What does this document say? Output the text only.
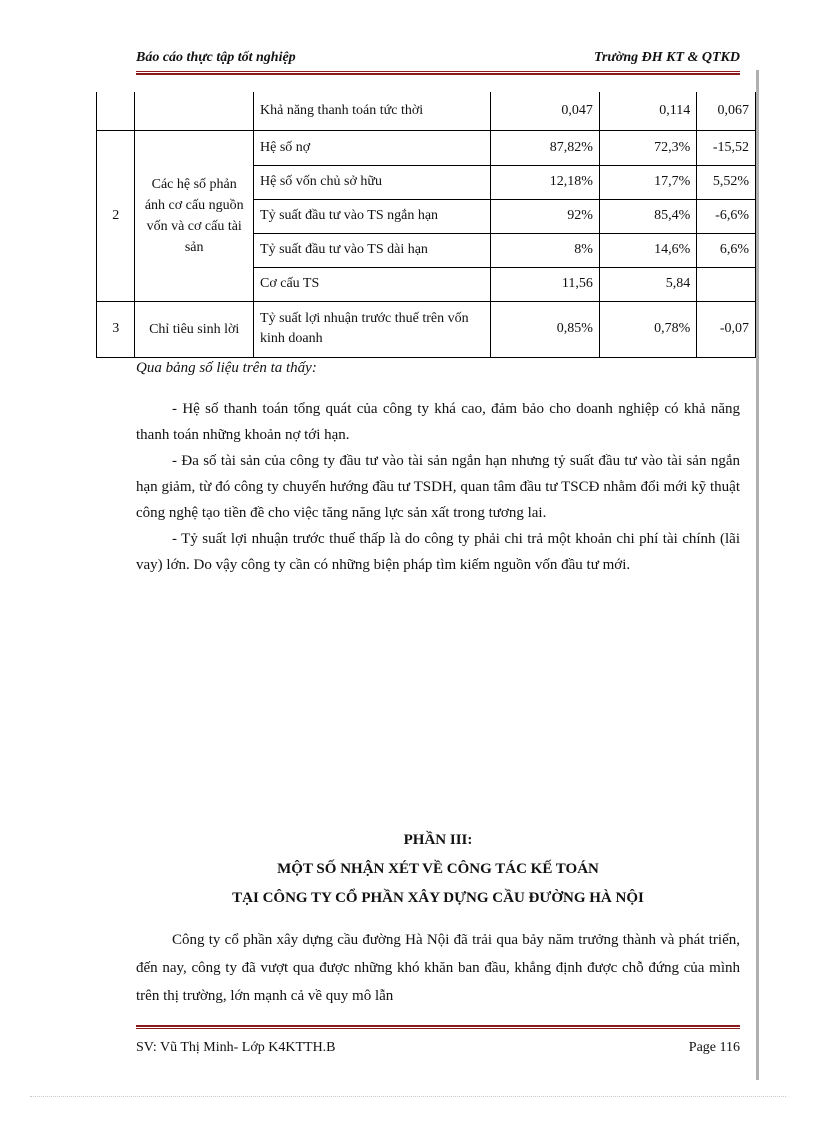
Báo cáo thực tập tốt nghiệp	Trường ĐH KT & QTKD
		Khả năng thanh toán tức thời	0,047	0,114	0,067
2	Các hệ số phản ánh cơ cấu nguồn vốn và cơ cấu tài sản	Hệ số nợ	87,82%	72,3%	-15,52
		Hệ số vốn chủ sở hữu	12,18%	17,7%	5,52%
		Tỷ suất đầu tư vào TS ngắn hạn	92%	85,4%	-6,6%
		Tỷ suất đầu tư vào TS dài hạn	8%	14,6%	6,6%
		Cơ cấu TS	11,56	5,84	
3	Chỉ tiêu sinh lời	Tỷ suất lợi nhuận trước thuế trên vốn kinh doanh	0,85%	0,78%	-0,07
Qua bảng số liệu trên ta thấy:

- Hệ số thanh toán tổng quát của công ty khá cao, đảm bảo cho doanh nghiệp có khả năng thanh toán những khoản nợ tới hạn.

- Đa số tài sản của công ty đầu tư vào tài sản ngắn hạn nhưng tỷ suất đầu tư vào tài sản ngắn hạn giảm, từ đó công ty chuyển hướng đầu tư TSDH, quan tâm đầu tư TSCĐ nhằm đổi mới kỹ thuật công nghệ tạo tiền đề cho việc tăng năng lực sản xất trong tương lai.

- Tỷ suất lợi nhuận trước thuế thấp là do công ty phải chi trả một khoản chi phí tài chính (lãi vay) lớn. Do vậy công ty cần có những biện pháp tìm kiếm nguồn vốn đầu tư mới.

PHẦN III:
MỘT SỐ NHẬN XÉT VỀ CÔNG TÁC KẾ TOÁN
TẠI CÔNG TY CỔ PHẦN XÂY DỰNG CẦU ĐƯỜNG HÀ NỘI

Công ty cổ phần xây dựng cầu đường Hà Nội đã trải qua bảy năm trưởng thành và phát triển, đến nay, công ty đã vượt qua được những khó khăn ban đầu, khẳng định được chỗ đứng của mình trên thị trường, lớn mạnh cả về quy mô lẫn

SV: Vũ Thị Minh- Lớp K4KTTH.B	Page 116
